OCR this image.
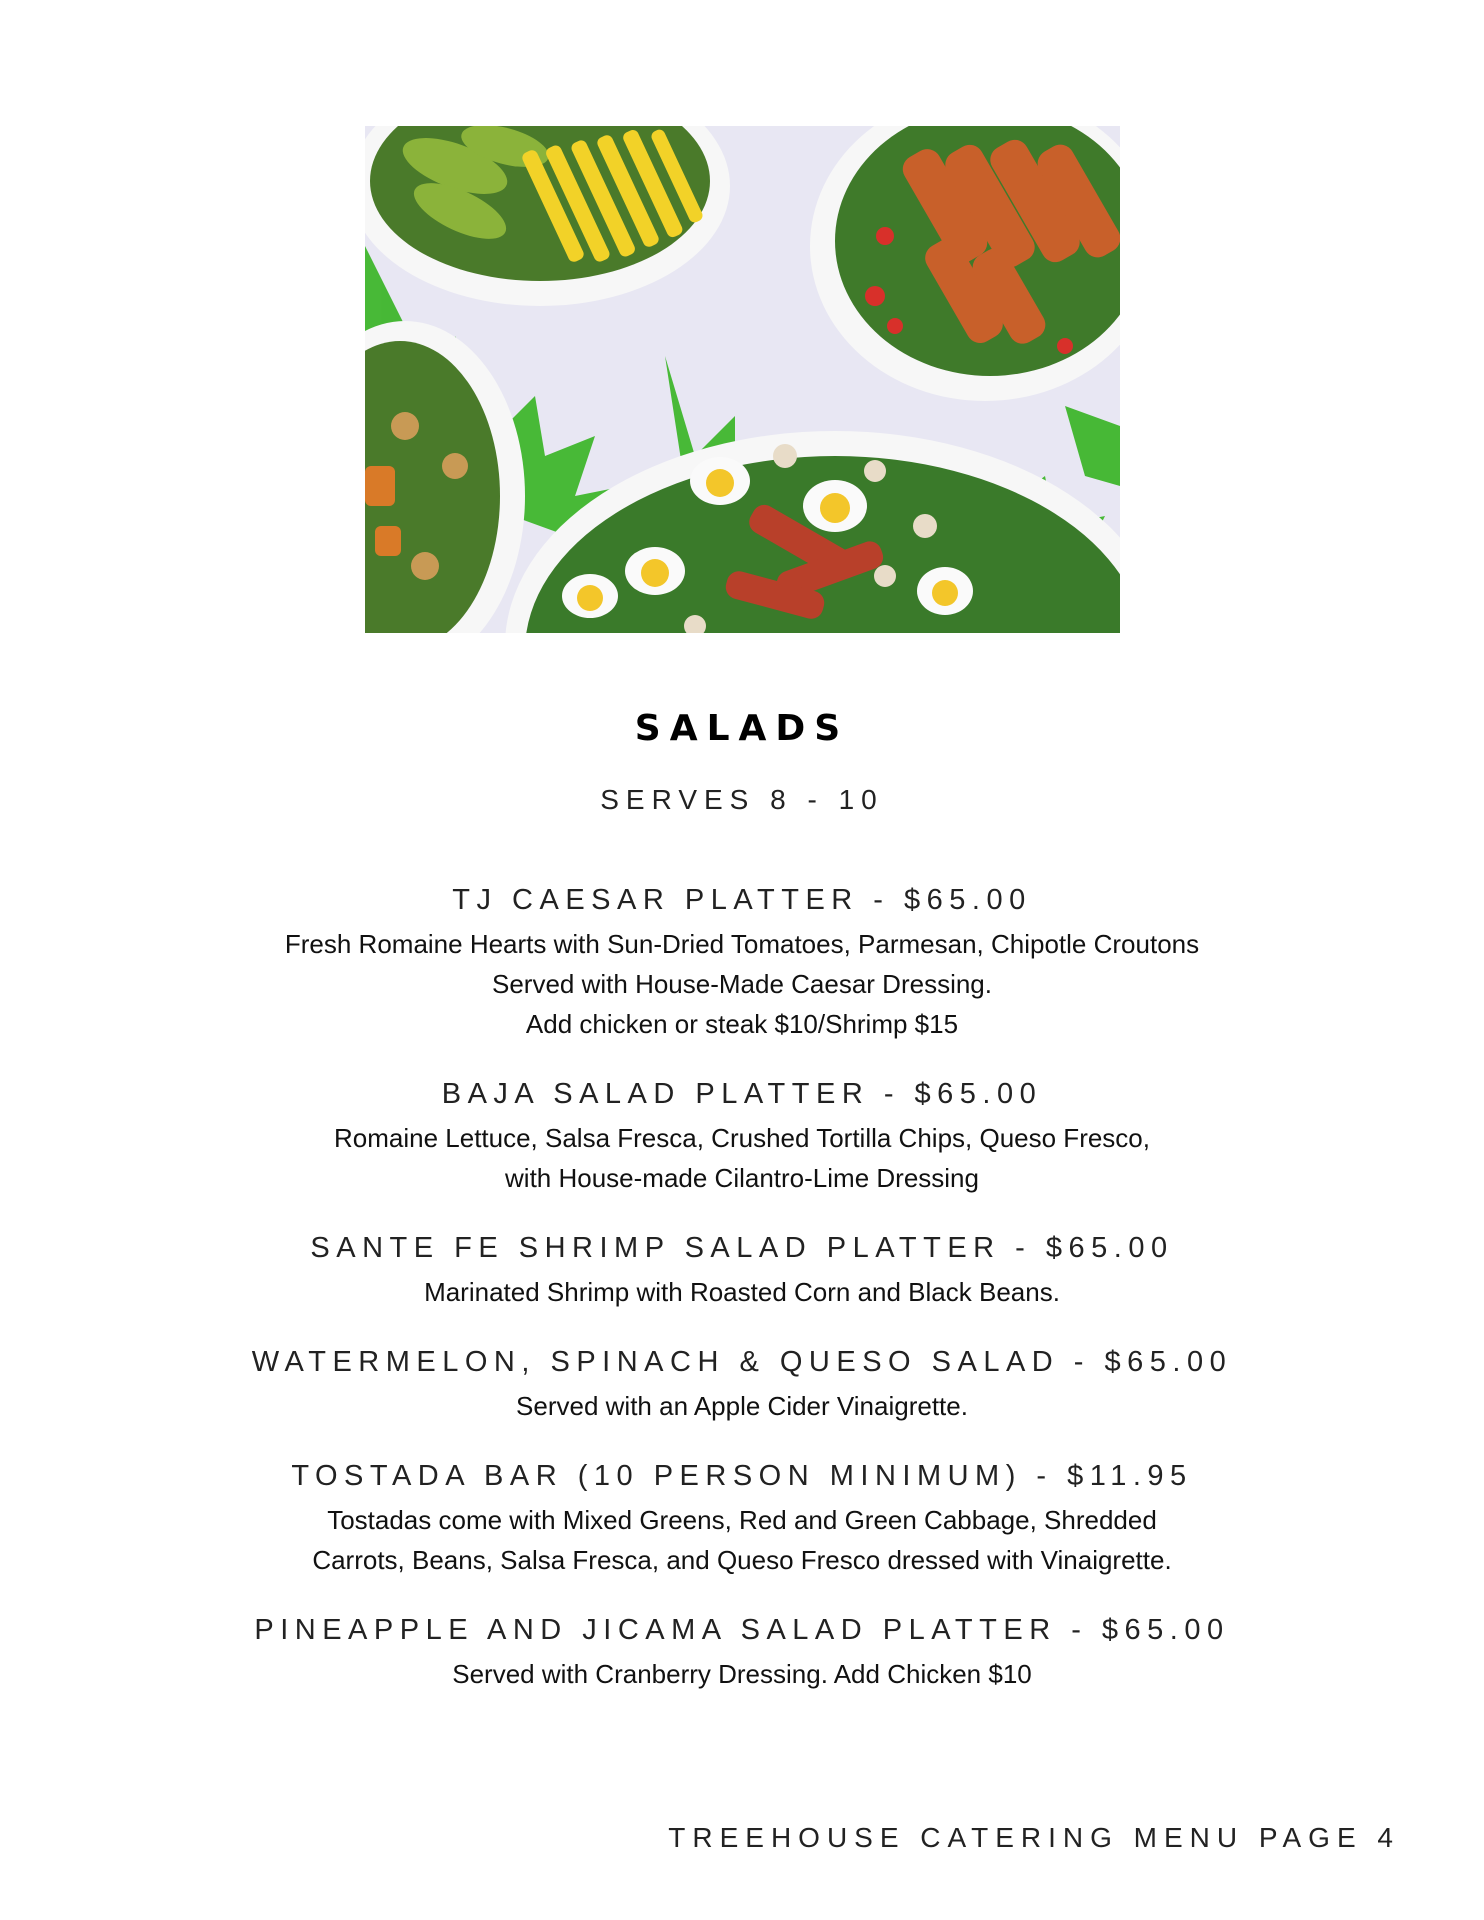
SALADS
SERVES 8 - 10
TJ CAESAR PLATTER - $65.00
Fresh Romaine Hearts with Sun-Dried Tomatoes, Parmesan, Chipotle Croutons
Served with House-Made Caesar Dressing.
Add chicken or steak $10/Shrimp $15
BAJA SALAD PLATTER - $65.00
Romaine Lettuce, Salsa Fresca, Crushed Tortilla Chips, Queso Fresco,
with House-made Cilantro-Lime Dressing
SANTE FE SHRIMP SALAD PLATTER - $65.00
Marinated Shrimp with Roasted Corn and Black Beans.
WATERMELON, SPINACH & QUESO SALAD - $65.00
Served with an Apple Cider Vinaigrette.
TOSTADA BAR (10 PERSON MINIMUM) - $11.95
Tostadas come with Mixed Greens, Red and Green Cabbage, Shredded
Carrots, Beans, Salsa Fresca, and Queso Fresco dressed with Vinaigrette.
PINEAPPLE AND JICAMA SALAD PLATTER - $65.00
Served with Cranberry Dressing. Add Chicken $10
TREEHOUSE CATERING MENU PAGE 4
